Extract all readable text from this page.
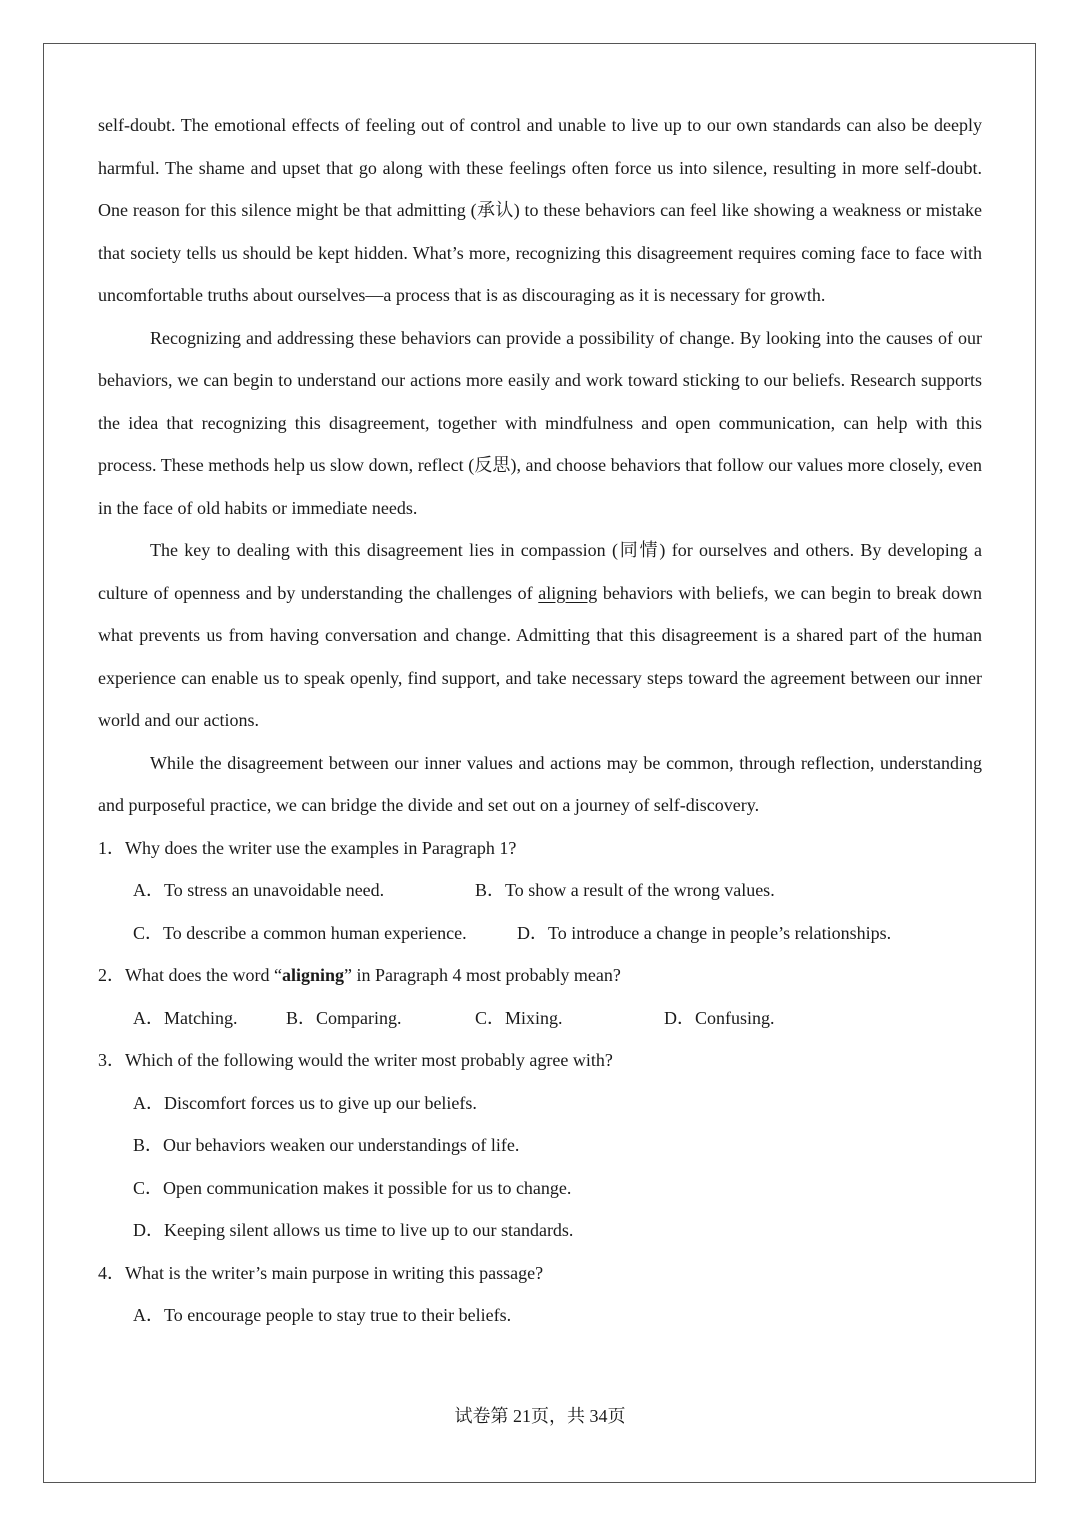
self-doubt. The emotional effects of feeling out of control and unable to live up to our own standards can also be deeply harmful. The shame and upset that go along with these feelings often force us into silence, resulting in more self-doubt. One reason for this silence might be that admitting (承认) to these behaviors can feel like showing a weakness or mistake that society tells us should be kept hidden. What’s more, recognizing this disagreement requires coming face to face with uncomfortable truths about ourselves—a process that is as discouraging as it is necessary for growth.

Recognizing and addressing these behaviors can provide a possibility of change. By looking into the causes of our behaviors, we can begin to understand our actions more easily and work toward sticking to our beliefs. Research supports the idea that recognizing this disagreement, together with mindfulness and open communication, can help with this process. These methods help us slow down, reflect (反思), and choose behaviors that follow our values more closely, even in the face of old habits or immediate needs.

The key to dealing with this disagreement lies in compassion (同情) for ourselves and others. By developing a culture of openness and by understanding the challenges of aligning behaviors with beliefs, we can begin to break down what prevents us from having conversation and change. Admitting that this disagreement is a shared part of the human experience can enable us to speak openly, find support, and take necessary steps toward the agreement between our inner world and our actions.

While the disagreement between our inner values and actions may be common, through reflection, understanding and purposeful practice, we can bridge the divide and set out on a journey of self-discovery.

1．Why does the writer use the examples in Paragraph 1?

A．To stress an unavoidable need.	B．To show a result of the wrong values.
C．To describe a common human experience.	D．To introduce a change in people’s relationships.

2．What does the word “aligning” in Paragraph 4 most probably mean?

A．Matching.	B．Comparing.	C．Mixing.	D．Confusing.

3．Which of the following would the writer most probably agree with?

A．Discomfort forces us to give up our beliefs.

B．Our behaviors weaken our understandings of life.

C．Open communication makes it possible for us to change.

D．Keeping silent allows us time to live up to our standards.

4．What is the writer’s main purpose in writing this passage?

A．To encourage people to stay true to their beliefs.

试卷第 21页，共 34页
